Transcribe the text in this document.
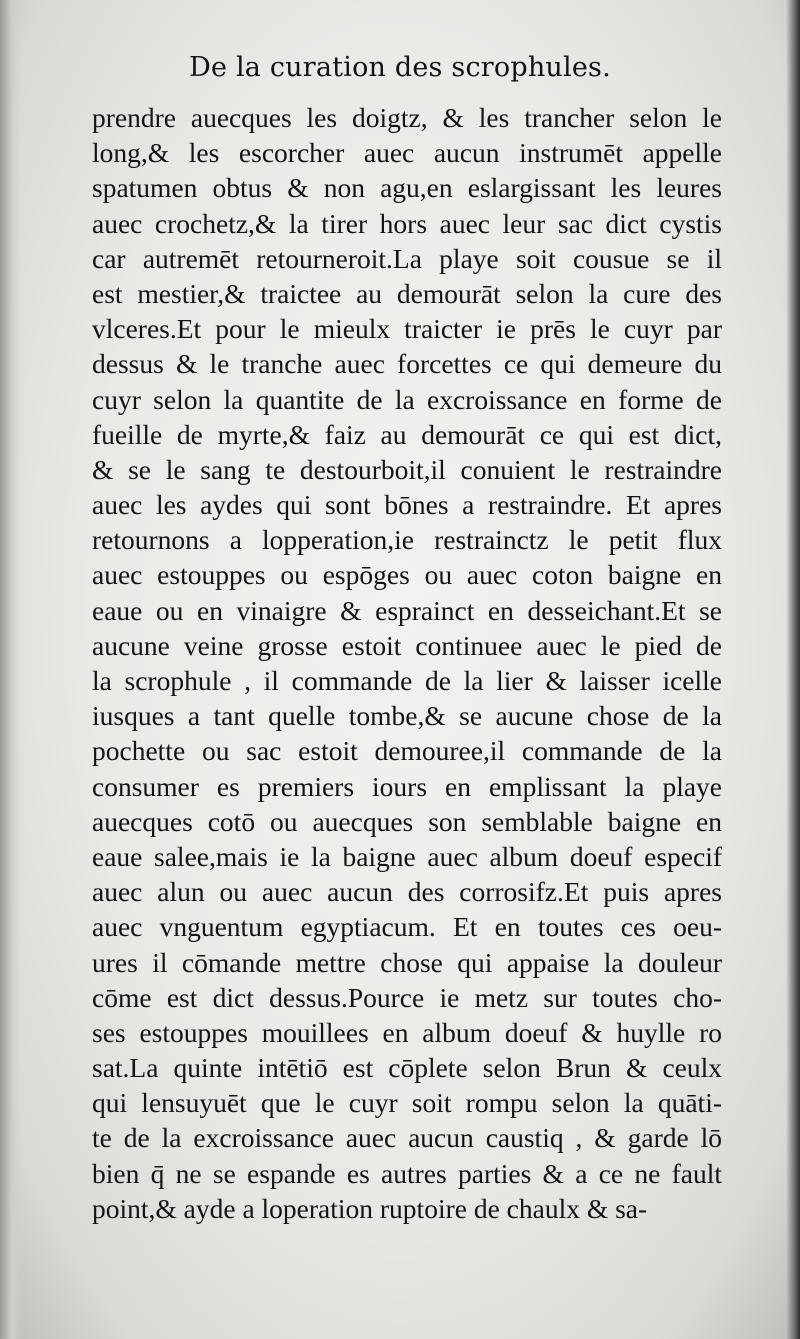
De la curation des scrophules.
prendre auecques les doigtz, & les trancher selon le
long,& les escorcher auec aucun instrumēt appelle
spatumen obtus & non agu,en eslargissant les leures
auec crochetz,& la tirer hors auec leur sac dict cystis
car autremēt retourneroit.La playe soit cousue se il
est mestier,& traictee au demourāt selon la cure des
vlceres.Et pour le mieulx traicter ie prēs le cuyr par
dessus & le tranche auec forcettes ce qui demeure du
cuyr selon la quantite de la excroissance en forme de
fueille de myrte,& faiz au demourāt ce qui est dict,
& se le sang te destourboit,il conuient le restraindre
auec les aydes qui sont bōnes a restraindre. Et apres
retournons a lopperation,ie restrainctz le petit flux
auec estouppes ou espōges ou auec coton baigne en
eaue ou en vinaigre & esprainct en desseichant.Et se
aucune veine grosse estoit continuee auec le pied de
la scrophule , il commande de la lier & laisser icelle
iusques a tant quelle tombe,& se aucune chose de la
pochette ou sac estoit demouree,il commande de la
consumer es premiers iours en emplissant la playe
auecques cotō ou auecques son semblable baigne en
eaue salee,mais ie la baigne auec album doeuf especif
auec alun ou auec aucun des corrosifz.Et puis apres
auec vnguentum egyptiacum. Et en toutes ces oeu-
ures il cōmande mettre chose qui appaise la douleur
cōme est dict dessus.Pource ie metz sur toutes cho-
ses estouppes mouillees en album doeuf & huylle ro
sat.La quinte intētiō est cōplete selon Brun & ceulx
qui lensuyuēt que le cuyr soit rompu selon la quāti-
te de la excroissance auec aucun caustiq , & garde lō
bien q̄ ne se espande es autres parties & a ce ne fault
point,& ayde a loperation ruptoire de chaulx & sa-
